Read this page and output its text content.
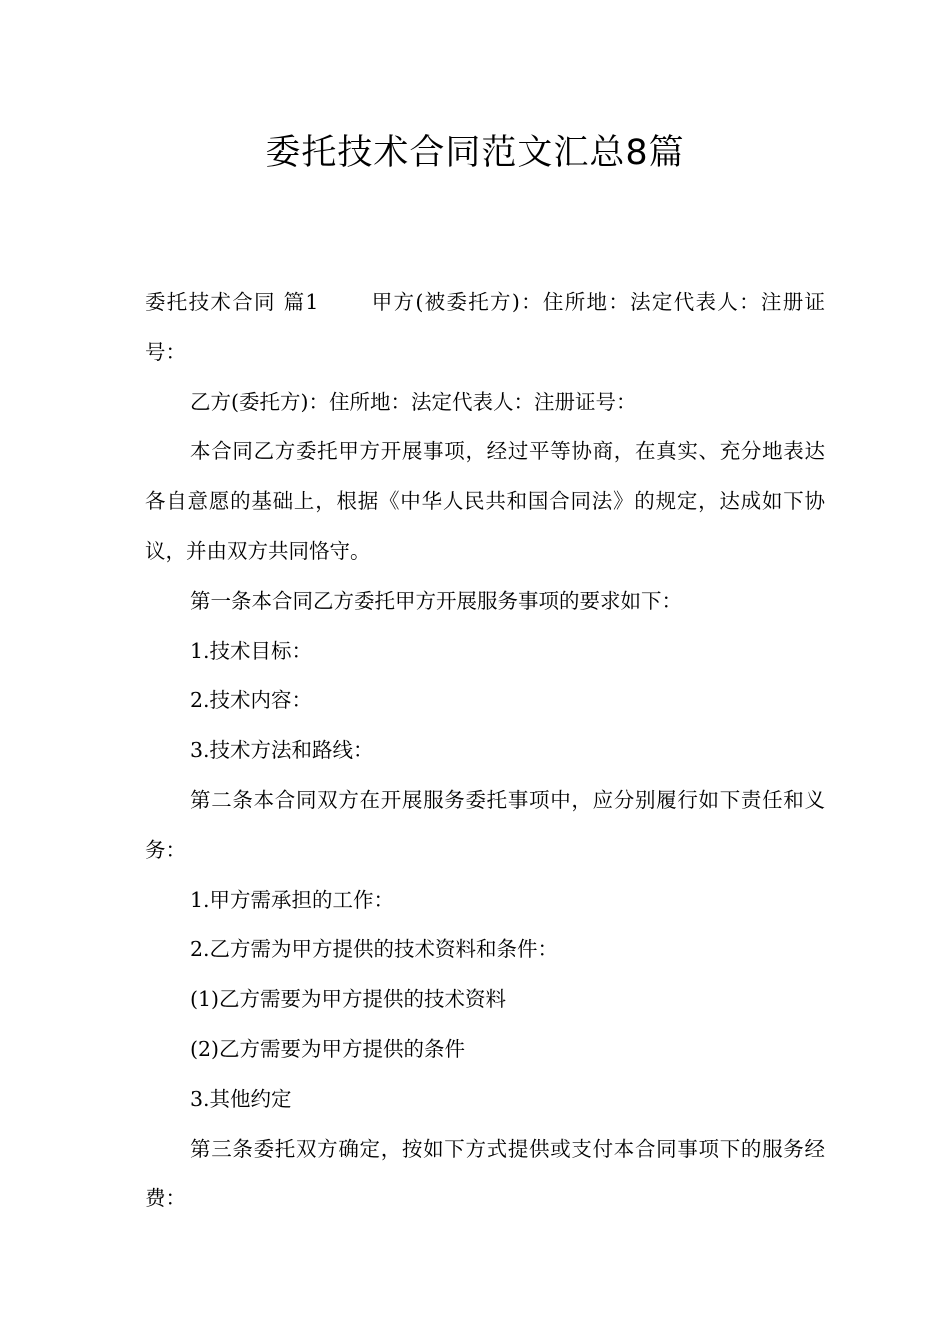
委托技术合同范文汇总8篇

委托技术合同 篇1	甲方(被委托方)：住所地：法定代表人：注册证号：

乙方(委托方)：住所地：法定代表人：注册证号：

本合同乙方委托甲方开展事项，经过平等协商，在真实、充分地表达各自意愿的基础上，根据《中华人民共和国合同法》的规定，达成如下协议，并由双方共同恪守。

第一条本合同乙方委托甲方开展服务事项的要求如下：

1.技术目标：

2.技术内容：

3.技术方法和路线：

第二条本合同双方在开展服务委托事项中，应分别履行如下责任和义务：

1.甲方需承担的工作：

2.乙方需为甲方提供的技术资料和条件：

(1)乙方需要为甲方提供的技术资料

(2)乙方需要为甲方提供的条件

3.其他约定

第三条委托双方确定，按如下方式提供或支付本合同事项下的服务经费：
